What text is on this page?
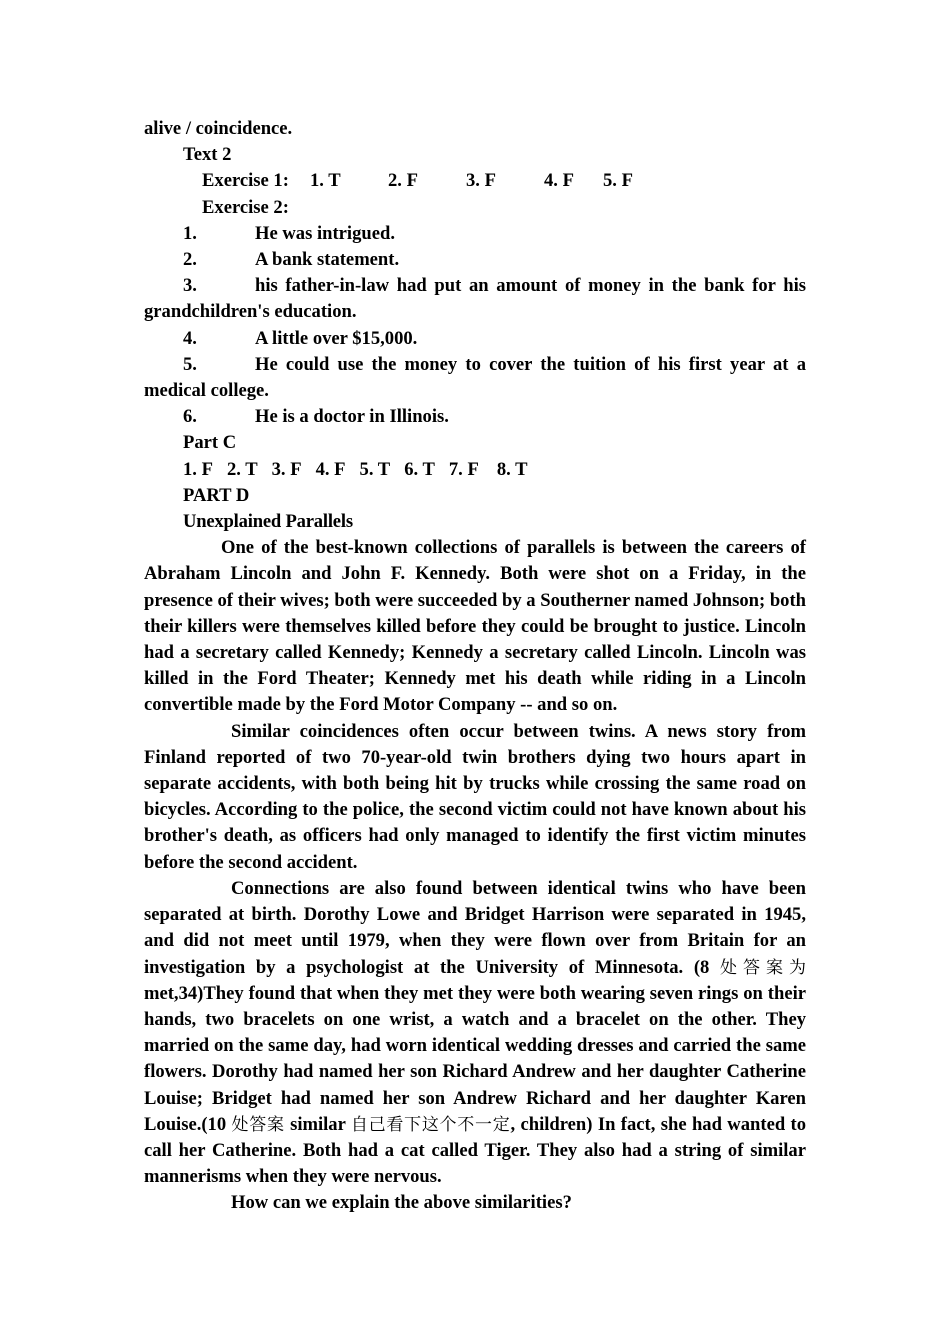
alive / coincidence.
Text 2
Exercise 1: 1. T	2. F	3. F	4. F 5. F
Exercise 2:
1.	He was intrigued.
2.	A bank statement.
3.	his father-in-law had put an amount of money in the bank for his
grandchildren's education.
4.	A little over $15,000.
5.	He could use the money to cover the tuition of his first year at a
medical college.
6.	He is a doctor in Illinois.
Part C
1. F 2. T 3. F 4. F 5. T 6. T 7. F 8. T
PART D
Unexplained Parallels

One of the best-known collections of parallels is between the careers of Abraham Lincoln and John F. Kennedy. Both were shot on a Friday, in the presence of their wives; both were succeeded by a Southerner named Johnson; both their killers were themselves killed before they could be brought to justice. Lincoln had a secretary called Kennedy; Kennedy a secretary called Lincoln. Lincoln was killed in the Ford Theater; Kennedy met his death while riding in a Lincoln convertible made by the Ford Motor Company -- and so on.

Similar coincidences often occur between twins. A news story from Finland reported of two 70-year-old twin brothers dying two hours apart in separate accidents, with both being hit by trucks while crossing the same road on bicycles. According to the police, the second victim could not have known about his brother's death, as officers had only managed to identify the first victim minutes before the second accident.

Connections are also found between identical twins who have been separated at birth. Dorothy Lowe and Bridget Harrison were separated in 1945, and did not meet until 1979, when they were flown over from Britain for an investigation by a psychologist at the University of Minnesota. (8 处答案为 met,34)They found that when they met they were both wearing seven rings on their hands, two bracelets on one wrist, a watch and a bracelet on the other. They married on the same day, had worn identical wedding dresses and carried the same flowers. Dorothy had named her son Richard Andrew and her daughter Catherine Louise; Bridget had named her son Andrew Richard and her daughter Karen Louise.(10 处答案 similar 自己看下这个不一定, children) In fact, she had wanted to call her Catherine. Both had a cat called Tiger. They also had a string of similar mannerisms when they were nervous.

How can we explain the above similarities?
